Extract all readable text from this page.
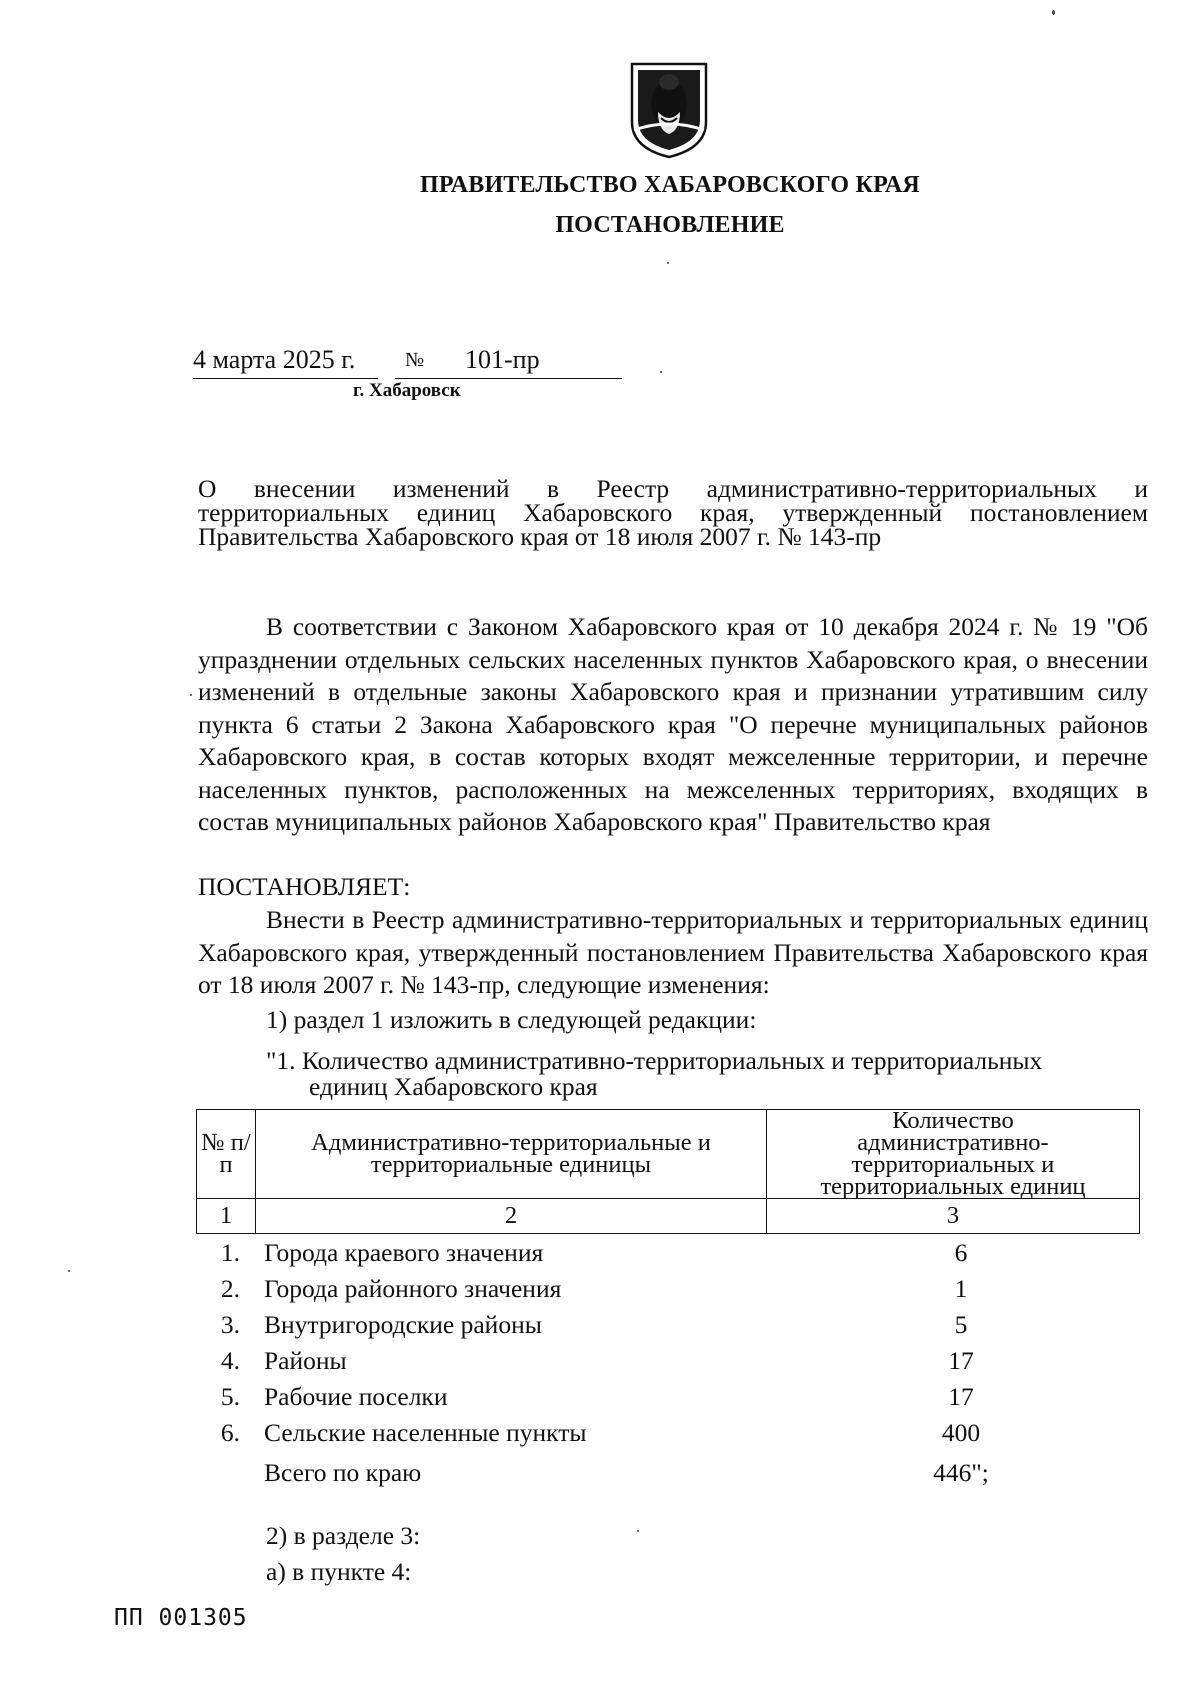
ПРАВИТЕЛЬСТВО ХАБАРОВСКОГО КРАЯ
ПОСТАНОВЛЕНИЕ
4 марта 2025 г. № 101-пр
г. Хабаровск
О внесении изменений в Реестр административно-территориальных и территориальных единиц Хабаровского края, утвержденный постановлением Правительства Хабаровского края от 18 июля 2007 г. № 143-пр
В соответствии с Законом Хабаровского края от 10 декабря 2024 г. № 19 "Об упразднении отдельных сельских населенных пунктов Хабаровского края, о внесении изменений в отдельные законы Хабаровского края и признании утратившим силу пункта 6 статьи 2 Закона Хабаровского края "О перечне муниципальных районов Хабаровского края, в состав которых входят межселенные территории, и перечне населенных пунктов, расположенных на межселенных территориях, входящих в состав муниципальных районов Хабаровского края" Правительство края
ПОСТАНОВЛЯЕТ:
Внести в Реестр административно-территориальных и территориальных единиц Хабаровского края, утвержденный постановлением Правительства Хабаровского края от 18 июля 2007 г. № 143-пр, следующие изменения:
1) раздел 1 изложить в следующей редакции:
"1. Количество административно-территориальных и территориальных
единиц Хабаровского края
№ п/п	Административно-территориальные и территориальные единицы	Количество административно-территориальных и территориальных единиц
1	2	3
1. Города краевого значения	6
2. Города районного значения	1
3. Внутригородские районы	5
4. Районы	17
5. Рабочие поселки	17
6. Сельские населенные пункты	400
Всего по краю	446";
2) в разделе 3:
а) в пункте 4:
ПП 001305
